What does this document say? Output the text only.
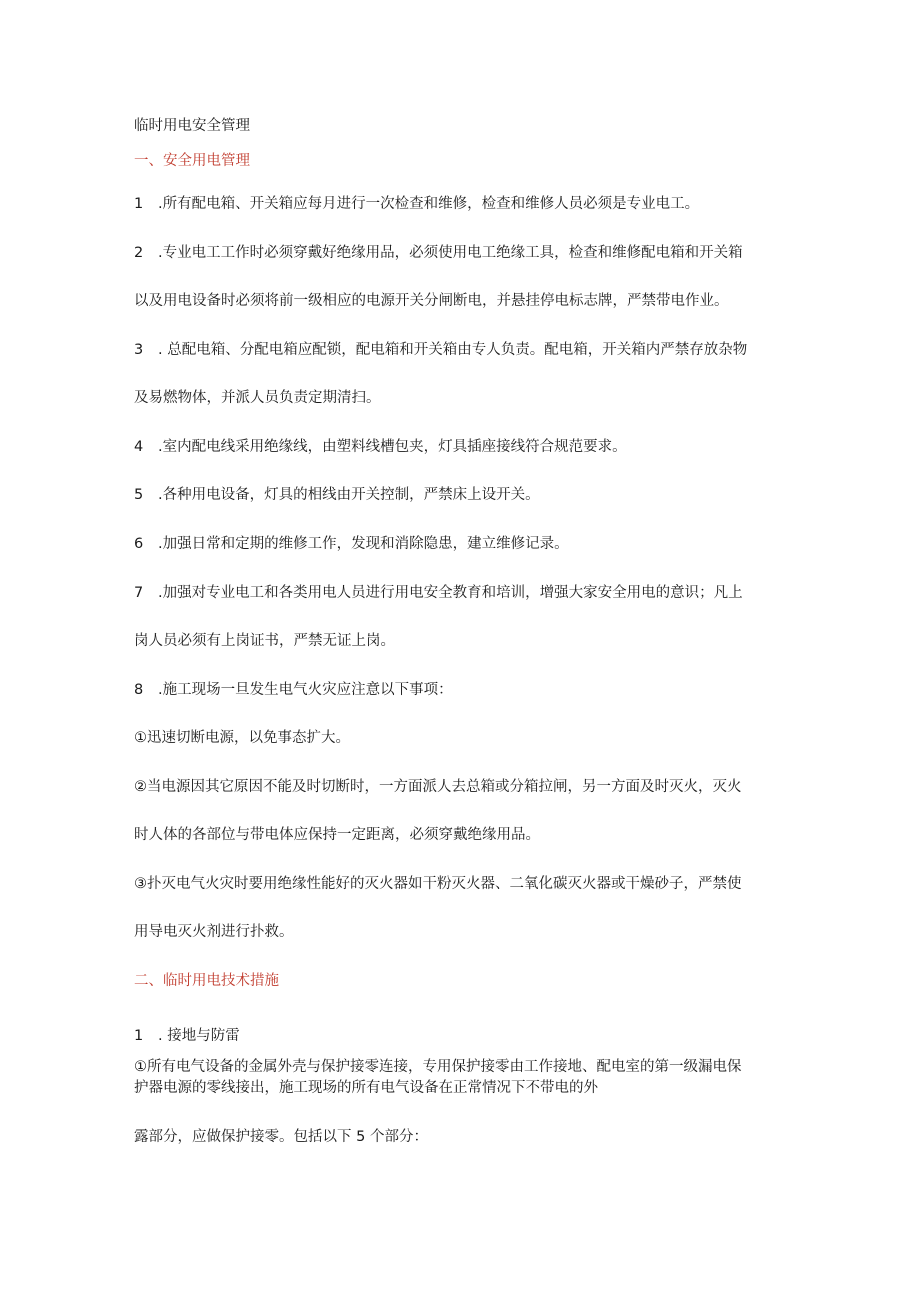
临时用电安全管理
一、安全用电管理
1 .所有配电箱、开关箱应每月进行一次检查和维修，检查和维修人员必须是专业电工。
2 .专业电工工作时必须穿戴好绝缘用品，必须使用电工绝缘工具，检查和维修配电箱和开关箱
以及用电设备时必须将前一级相应的电源开关分闸断电，并悬挂停电标志牌，严禁带电作业。
3 . 总配电箱、分配电箱应配锁，配电箱和开关箱由专人负责。配电箱，开关箱内严禁存放杂物
及易燃物体，并派人员负责定期清扫。
4 .室内配电线采用绝缘线，由塑料线槽包夹，灯具插座接线符合规范要求。
5 .各种用电设备，灯具的相线由开关控制，严禁床上设开关。
6 .加强日常和定期的维修工作，发现和消除隐患，建立维修记录。
7 .加强对专业电工和各类用电人员进行用电安全教育和培训，增强大家安全用电的意识；凡上
岗人员必须有上岗证书，严禁无证上岗。
8 .施工现场一旦发生电气火灾应注意以下事项：
①迅速切断电源，以免事态扩大。
②当电源因其它原因不能及时切断时，一方面派人去总箱或分箱拉闸，另一方面及时灭火，灭火
时人体的各部位与带电体应保持一定距离，必须穿戴绝缘用品。
③扑灭电气火灾时要用绝缘性能好的灭火器如干粉灭火器、二氧化碳灭火器或干燥砂子，严禁使
用导电灭火剂进行扑救。
二、临时用电技术措施
1 . 接地与防雷
①所有电气设备的金属外壳与保护接零连接，专用保护接零由工作接地、配电室的第一级漏电保
护器电源的零线接出，施工现场的所有电气设备在正常情况下不带电的外
露部分，应做保护接零。包括以下 5 个部分：
